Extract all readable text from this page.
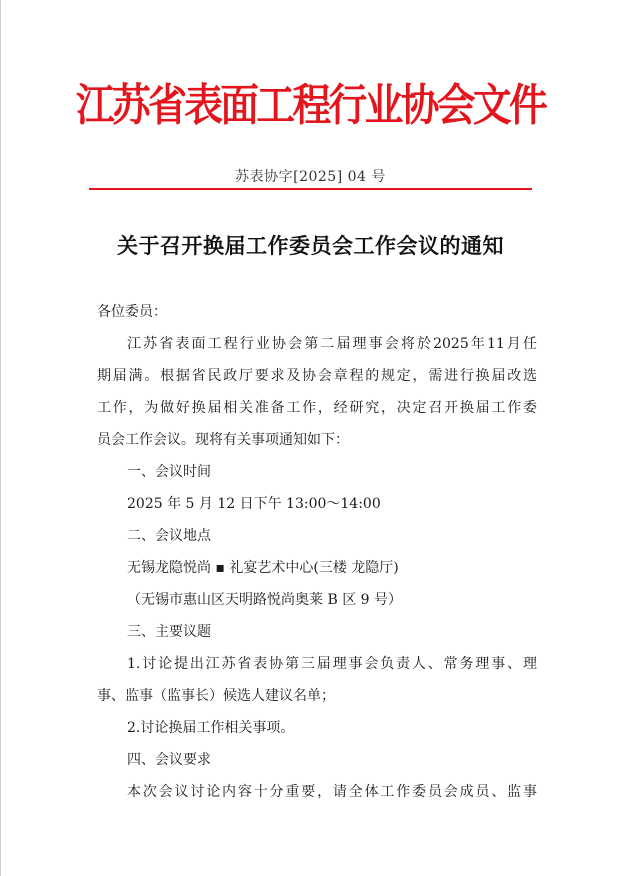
江苏省表面工程行业协会文件
苏表协字[2025] 04 号
关于召开换届工作委员会工作会议的通知
各位委员：
江苏省表面工程行业协会第二届理事会将於2025年11月任
期届满。根据省民政厅要求及协会章程的规定，需进行换届改选
工作，为做好换届相关准备工作，经研究，决定召开换届工作委
员会工作会议。现将有关事项通知如下：
一、会议时间
2025 年 5 月 12 日下午 13:00～14:00
二、会议地点
无锡龙隐悦尚 ▪ 礼宴艺术中心(三楼 龙隐厅)
（无锡市惠山区天明路悦尚奥莱 B 区 9 号）
三、主要议题
1.讨论提出江苏省表协第三届理事会负责人、常务理事、理
事、监事（监事长）候选人建议名单；
2.讨论换届工作相关事项。
四、会议要求
本次会议讨论内容十分重要，请全体工作委员会成员、监事
